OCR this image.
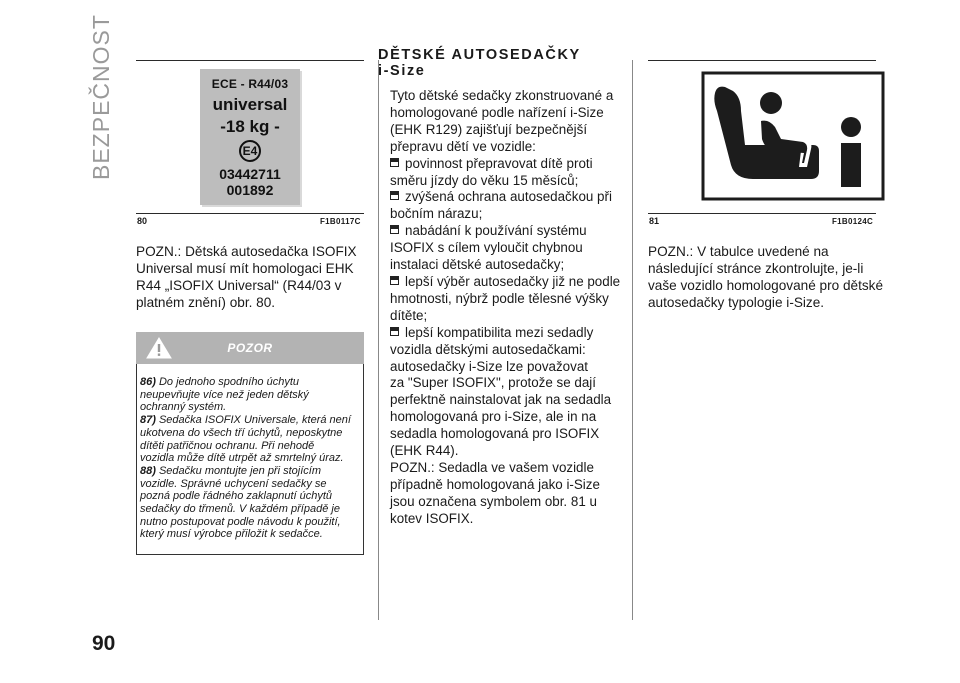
BEZPEČNOST
90
ECE - R44/03
universal
-18 kg -
E4
03442711
001892
80	F1B0117C
POZN.: Dětská autosedačka ISOFIX
Universal musí mít homologaci EHK
R44 „ISOFIX Universal“ (R44/03 v
platném znění) obr. 80.
POZOR
86) Do jednoho spodního úchytu
neupevňujte více než jeden dětský
ochranný systém.
87) Sedačka ISOFIX Universale, která není
ukotvena do všech tří úchytů, neposkytne
dítěti patřičnou ochranu. Při nehodě
vozidla může dítě utrpět až smrtelný úraz.
88) Sedačku montujte jen při stojícím
vozidle. Správné uchycení sedačky se
pozná podle řádného zaklapnutí úchytů
sedačky do třmenů. V každém případě je
nutno postupovat podle návodu k použití,
který musí výrobce přiložit k sedačce.
DĚTSKÉ AUTOSEDAČKY
i-Size
Tyto dětské sedačky zkonstruované a
homologované podle nařízení i-Size
(EHK R129) zajišťují bezpečnější
přepravu dětí ve vozidle:
povinnost přepravovat dítě proti
směru jízdy do věku 15 měsíců;
zvýšená ochrana autosedačkou při
bočním nárazu;
nabádání k používání systému
ISOFIX s cílem vyloučit chybnou
instalaci dětské autosedačky;
lepší výběr autosedačky již ne podle
hmotnosti, nýbrž podle tělesné výšky
dítěte;
lepší kompatibilita mezi sedadly
vozidla dětskými autosedačkami:
autosedačky i-Size lze považovat
za "Super ISOFIX", protože se dají
perfektně nainstalovat jak na sedadla
homologovaná pro i-Size, ale in na
sedadla homologovaná pro ISOFIX
(EHK R44).
POZN.: Sedadla ve vašem vozidle
případně homologovaná jako i-Size
jsou označena symbolem obr. 81 u
kotev ISOFIX.
81	F1B0124C
POZN.: V tabulce uvedené na
následující stránce zkontrolujte, je-li
vaše vozidlo homologované pro dětské
autosedačky typologie i-Size.
